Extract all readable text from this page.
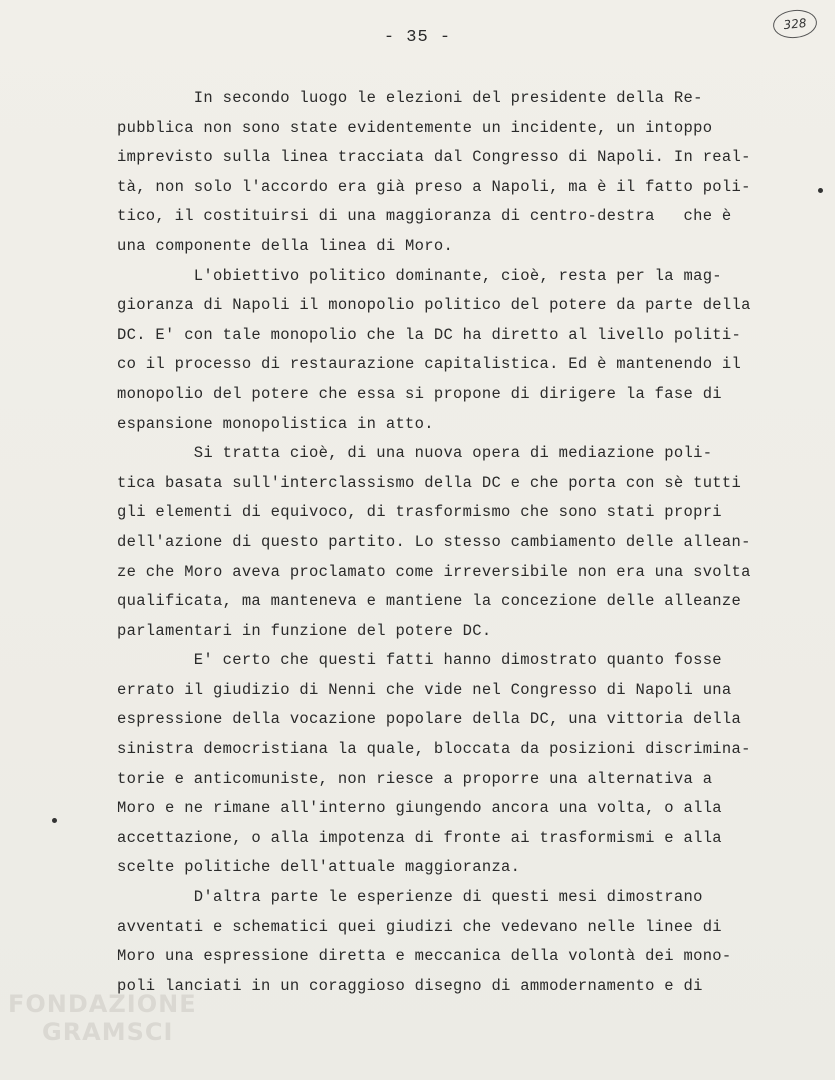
- 35 -
328
In secondo luogo le elezioni del presidente della Re-
pubblica non sono state evidentemente un incidente, un intoppo
imprevisto sulla linea tracciata dal Congresso di Napoli. In real-
tà, non solo l'accordo era già preso a Napoli, ma è il fatto poli-
tico, il costituirsi di una maggioranza di centro-destra   che è
una componente della linea di Moro.
L'obiettivo politico dominante, cioè, resta per la mag-
gioranza di Napoli il monopolio politico del potere da parte della
DC. E' con tale monopolio che la DC ha diretto al livello politi-
co il processo di restaurazione capitalistica. Ed è mantenendo il
monopolio del potere che essa si propone di dirigere la fase di
espansione monopolistica in atto.
Si tratta cioè, di una nuova opera di mediazione poli-
tica basata sull'interclassismo della DC e che porta con sè tutti
gli elementi di equivoco, di trasformismo che sono stati propri
dell'azione di questo partito. Lo stesso cambiamento delle allean-
ze che Moro aveva proclamato come irreversibile non era una svolta
qualificata, ma manteneva e mantiene la concezione delle alleanze
parlamentari in funzione del potere DC.
E' certo che questi fatti hanno dimostrato quanto fosse
errato il giudizio di Nenni che vide nel Congresso di Napoli una
espressione della vocazione popolare della DC, una vittoria della
sinistra democristiana la quale, bloccata da posizioni discrimina-
torie e anticomuniste, non riesce a proporre una alternativa a
Moro e ne rimane all'interno giungendo ancora una volta, o alla
accettazione, o alla impotenza di fronte ai trasformismi e alla
scelte politiche dell'attuale maggioranza.
D'altra parte le esperienze di questi mesi dimostrano
avventati e schematici quei giudizi che vedevano nelle linee di
Moro una espressione diretta e meccanica della volontà dei mono-
poli lanciati in un coraggioso disegno di ammodernamento e di
FONDAZIONE
GRAMSCI
